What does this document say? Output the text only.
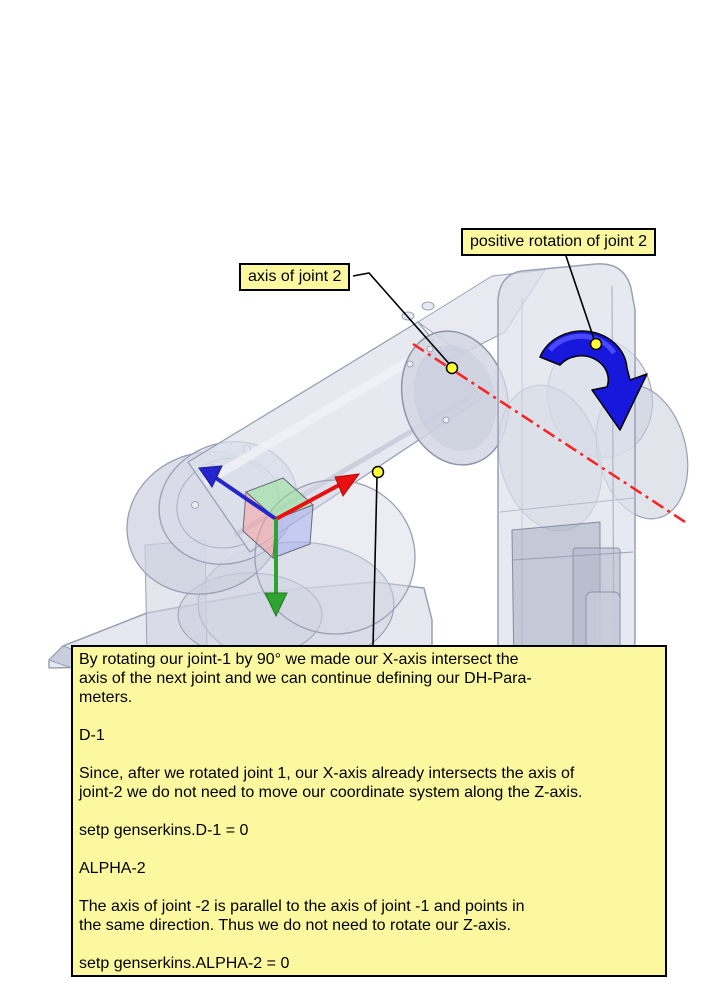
axis of joint 2
positive rotation of joint 2
By rotating our joint-1 by 90° we made our X-axis intersect the
axis of the next joint and we can continue defining our DH-Para-
meters.
D-1
Since, after we rotated joint 1, our X-axis already intersects the axis of
joint-2 we do not need to move our coordinate system along the Z-axis.
setp genserkins.D-1 = 0
ALPHA-2
The axis of joint -2 is parallel to the axis of joint -1 and points in
the same direction. Thus we do not need to rotate our Z-axis.
setp genserkins.ALPHA-2 = 0
